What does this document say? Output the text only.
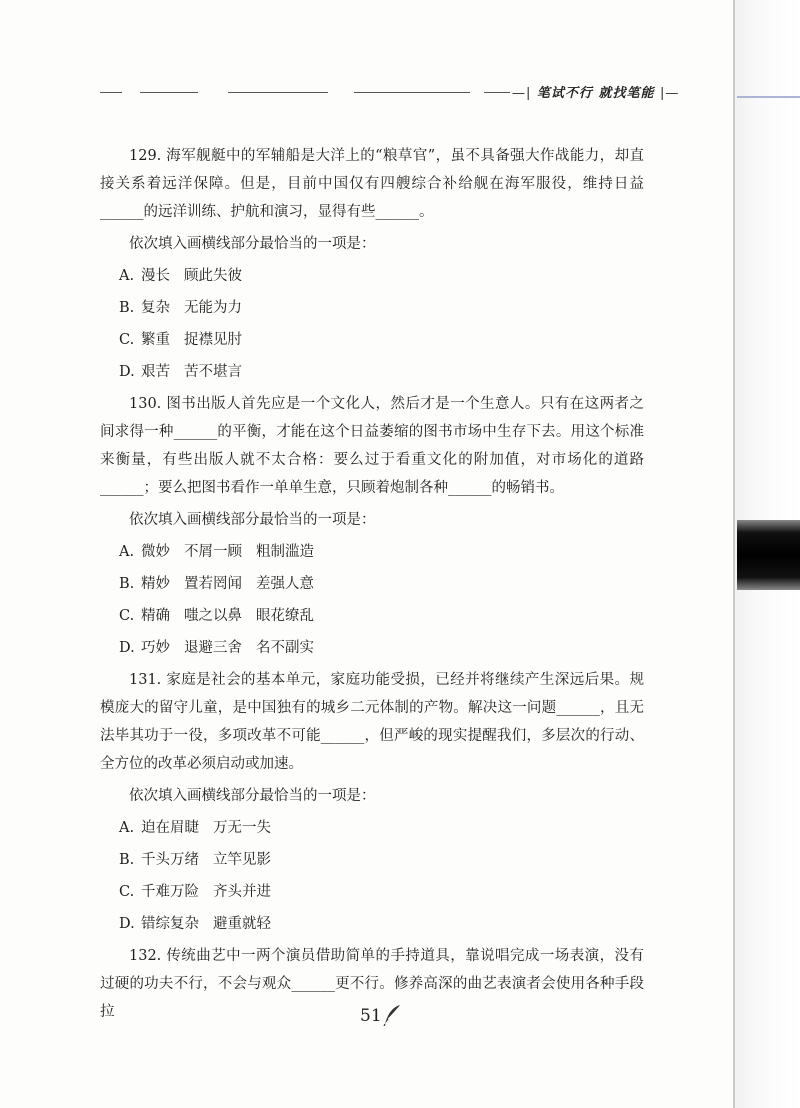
—| 笔试不行 就找笔能 |—

129. 海军舰艇中的军辅船是大洋上的“粮草官”，虽不具备强大作战能力，却直接关系着远洋保障。但是，目前中国仅有四艘综合补给舰在海军服役，维持日益______的远洋训练、护航和演习，显得有些______。

依次填入画横线部分最恰当的一项是：

A. 漫长 顾此失彼

B. 复杂 无能为力

C. 繁重 捉襟见肘

D. 艰苦 苦不堪言

130. 图书出版人首先应是一个文化人，然后才是一个生意人。只有在这两者之间求得一种______的平衡，才能在这个日益萎缩的图书市场中生存下去。用这个标准来衡量，有些出版人就不太合格：要么过于看重文化的附加值，对市场化的道路______；要么把图书看作一单单生意，只顾着炮制各种______的畅销书。

依次填入画横线部分最恰当的一项是：

A. 微妙 不屑一顾 粗制滥造

B. 精妙 置若罔闻 差强人意

C. 精确 嗤之以鼻 眼花缭乱

D. 巧妙 退避三舍 名不副实

131. 家庭是社会的基本单元，家庭功能受损，已经并将继续产生深远后果。规模庞大的留守儿童，是中国独有的城乡二元体制的产物。解决这一问题______，且无法毕其功于一役，多项改革不可能______，但严峻的现实提醒我们，多层次的行动、全方位的改革必须启动或加速。

依次填入画横线部分最恰当的一项是：

A. 迫在眉睫 万无一失

B. 千头万绪 立竿见影

C. 千难万险 齐头并进

D. 错综复杂 避重就轻

132. 传统曲艺中一两个演员借助简单的手持道具，靠说唱完成一场表演，没有过硬的功夫不行，不会与观众______更不行。修养高深的曲艺表演者会使用各种手段拉	51
